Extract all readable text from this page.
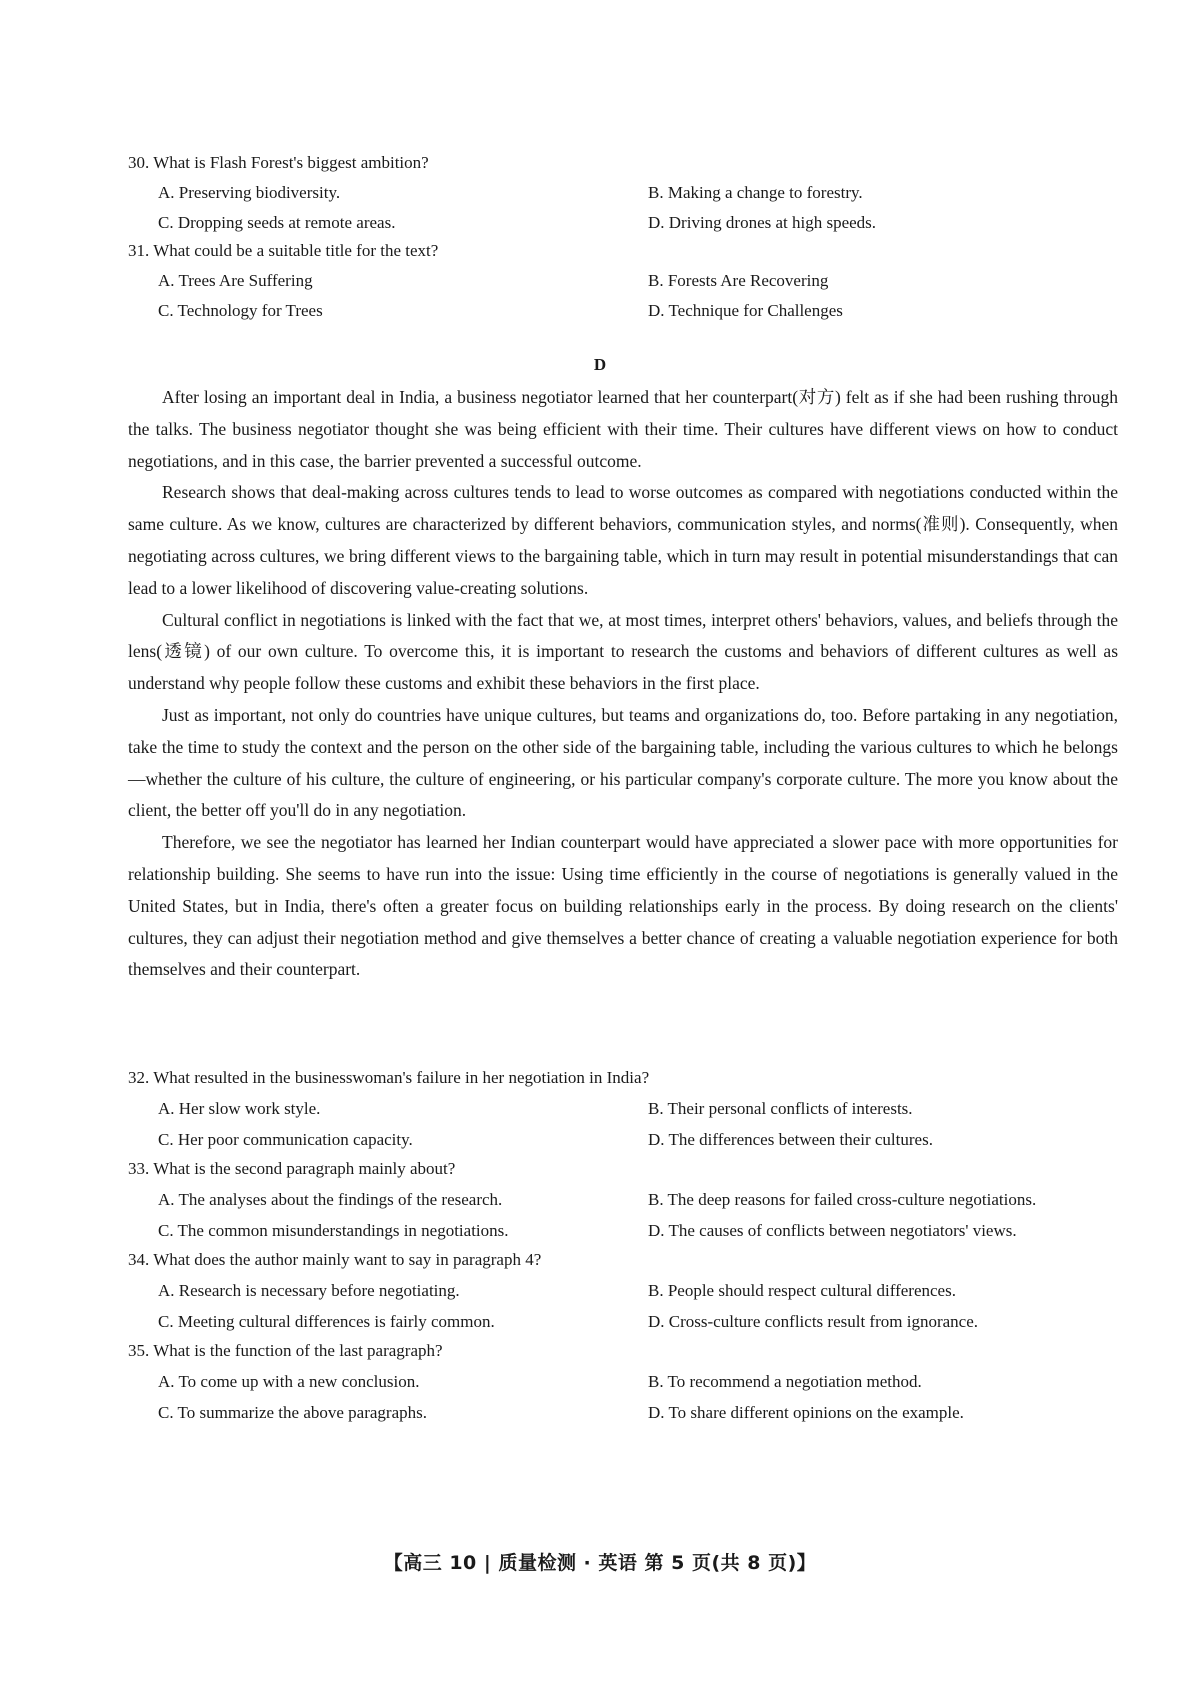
30. What is Flash Forest's biggest ambition?
A. Preserving biodiversity.	B. Making a change to forestry.
C. Dropping seeds at remote areas.	D. Driving drones at high speeds.
31. What could be a suitable title for the text?
A. Trees Are Suffering	B. Forests Are Recovering
C. Technology for Trees	D. Technique for Challenges
D

After losing an important deal in India, a business negotiator learned that her counterpart(对方) felt as if she had been rushing through the talks. The business negotiator thought she was being efficient with their time. Their cultures have different views on how to conduct negotiations, and in this case, the barrier prevented a successful outcome.

Research shows that deal-making across cultures tends to lead to worse outcomes as compared with negotiations conducted within the same culture. As we know, cultures are characterized by different behaviors, communication styles, and norms(准则). Consequently, when negotiating across cultures, we bring different views to the bargaining table, which in turn may result in potential misunderstandings that can lead to a lower likelihood of discovering value-creating solutions.

Cultural conflict in negotiations is linked with the fact that we, at most times, interpret others' behaviors, values, and beliefs through the lens(透镜) of our own culture. To overcome this, it is important to research the customs and behaviors of different cultures as well as understand why people follow these customs and exhibit these behaviors in the first place.

Just as important, not only do countries have unique cultures, but teams and organizations do, too. Before partaking in any negotiation, take the time to study the context and the person on the other side of the bargaining table, including the various cultures to which he belongs—whether the culture of his culture, the culture of engineering, or his particular company's corporate culture. The more you know about the client, the better off you'll do in any negotiation.

Therefore, we see the negotiator has learned her Indian counterpart would have appreciated a slower pace with more opportunities for relationship building. She seems to have run into the issue: Using time efficiently in the course of negotiations is generally valued in the United States, but in India, there's often a greater focus on building relationships early in the process. By doing research on the clients' cultures, they can adjust their negotiation method and give themselves a better chance of creating a valuable negotiation experience for both themselves and their counterpart.

32. What resulted in the businesswoman's failure in her negotiation in India?
A. Her slow work style.	B. Their personal conflicts of interests.
C. Her poor communication capacity.	D. The differences between their cultures.
33. What is the second paragraph mainly about?
A. The analyses about the findings of the research.	B. The deep reasons for failed cross-culture negotiations.
C. The common misunderstandings in negotiations.	D. The causes of conflicts between negotiators' views.
34. What does the author mainly want to say in paragraph 4?
A. Research is necessary before negotiating.	B. People should respect cultural differences.
C. Meeting cultural differences is fairly common.	D. Cross-culture conflicts result from ignorance.
35. What is the function of the last paragraph?
A. To come up with a new conclusion.	B. To recommend a negotiation method.
C. To summarize the above paragraphs.	D. To share different opinions on the example.
【高三 10 | 质量检测 · 英语 第 5 页(共 8 页)】
